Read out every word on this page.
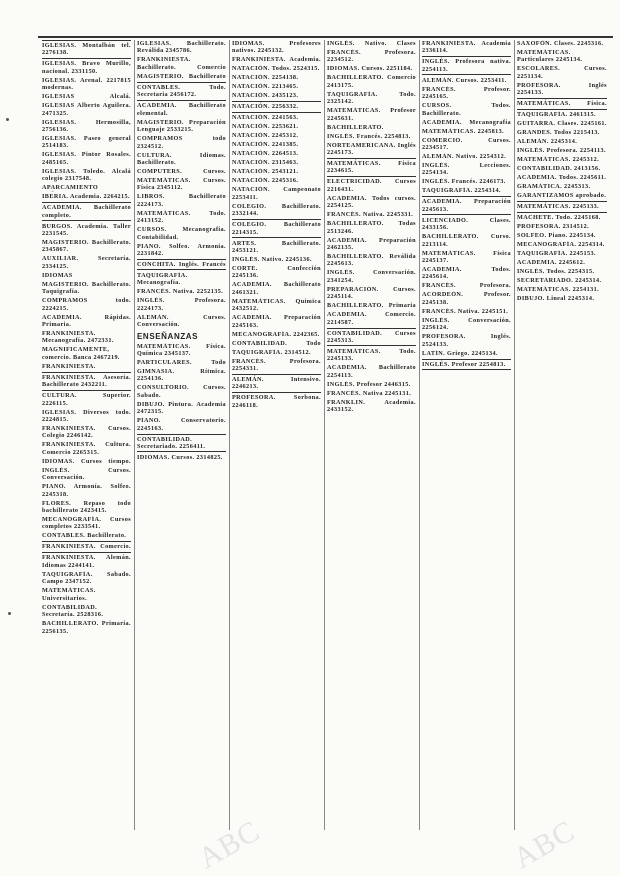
IGLESIAS. Montalbán tel. 2276138.
IGLESIAS. Bravo Murillo, nacional. 2331150.
IGLESIAS. Arenal. 2217815 modernas.
IGLESIAS Alcalá.
IGLESIAS Alberto Aguilera. 2471325.
IGLESIAS. Hermosilla, 2756136.
IGLESIAS. Paseo general 2514183.
IGLESIAS. Pintor Rosales. 2485165.
IGLESIAS. Toledo. Alcalá colegio 2317548.
APARCAMIENTO
IBERIA. Academia. 2264215.
ACADEMIA. Bachillerato completo.
BURGOS. Academia. Taller 2231545.
MAGISTERIO. Bachillerato. 2345867.
AUXILIAR. Secretaría. 2334125.
IDIOMAS
MAGISTERIO. Bachillerato. Taquigrafía.
COMPRAMOS todo. 2224215.
ACADEMIA. Rápidas. Primaria.
FRANKINIESTA. Mecanografía. 2472331.
MAGNIFICAMENTE, comercio. Banca 2467219.
FRANKINIESTA.
FRANKINIESTA. Asesoría. Bachillerato 2432211.
CULTURA. Superior. 2226115.
IGLESIAS. Diversos todo. 2224815.
FRANKINIESTA. Cursos. Colegio 2246142.
FRANKINIESTA. Cultura. Comercio 2265315.
IDIOMAS. Cursos tiempo.
INGLÉS. Cursos. Conversación.
PIANO. Armonía. Solfeo. 2245318.
FLORES. Repaso todo bachillerato 2423415.
MECANOGRAFÍA. Cursos completos 2233541.
CONTABLES. Bachillerato.
FRANKINIESTA. Comercio.
FRANKINIESTA. Alemán. Idiomas 2244141.
TAQUIGRAFÍA. Sabado. Campo 2347152.
MATEMÁTICAS. Universitarios.
CONTABILIDAD. Secretaría. 2528316.
BACHILLERATO. Primaria. 2256135.
IGLESIAS. Bachillerato. Reválida 2345786.
FRANKINIESTA. Bachillerato. Comercio
MAGISTERIO. Bachillerato
CONTABLES. Todo. Secretaria 2456172.
ACADEMIA. Bachillerato elemental.
MAGISTERIO. Preparación Lenguaje 2533215.
COMPRAMOS todo 2324512.
CULTURA. Idiomas. Bachillerato.
COMPUTERS. Cursos.
MATEMÁTICAS. Cursos. Física 2345112.
LIBROS. Bachillerato 2224173.
MATEMÁTICAS. Todo. 2413152.
CURSOS. Mecanografía. Contabilidad.
PIANO. Solfeo. Armonía. 2231842.
CONCHITA. Inglés. Francés
TAQUIGRAFÍA. Mecanografía.
FRANCÉS. Nativa. 2252135.
INGLÉS. Profesora. 2224173.
ALEMÁN. Cursos. Conversación.
ENSEÑANZAS
MATEMÁTICAS. Física. Química 2345137.
PARTICULARES. Todo
GIMNASIA. Rítmica. 2254136.
CONSULTORIO. Cursos. Sabado.
DIBUJO. Pintura. Academia 2472315.
PIANO. Conservatorio. 2245163.
CONTABILIDAD. Secretariado. 2256411.
IDIOMAS. Cursos. 2314825.
IDIOMAS. Profesores nativos. 2245132.
FRANKINIESTA. Academia.
NATACIÓN. Todos. 2524315.
NATACIÓN. 2254138.
NATACIÓN. 2213465.
NATACIÓN. 2435123.
NATACIÓN. 2256332.
NATACIÓN. 2241563.
NATACIÓN. 2253621.
NATACIÓN. 2245312.
NATACIÓN. 2241385.
NATACIÓN. 2264513.
NATACIÓN. 2315463.
NATACIÓN. 2543121.
NATACIÓN. 2245316.
NATACIÓN. Campeonato 2253411.
COLEGIO. Bachillerato. 2332144.
COLEGIO. Bachillerato 2214315.
ARTES. Bachillerato. 2453121.
INGLÉS. Nativo. 2245136.
CORTE. Confección 2245136.
ACADEMIA. Bachillerato 2461321.
MATEMÁTICAS. Química 2432512.
ACADEMIA. Preparación 2245163.
MECANOGRAFÍA. 2242365.
CONTABILIDAD. Todo
TAQUIGRAFÍA. 2314512.
FRANCÉS. Profesora. 2254331.
ALEMÁN. Intensivo. 2246213.
PROFESORA. Sorbona. 2246118.
INGLÉS. Nativo. Clases
FRANCÉS. Profesora. 2234512.
IDIOMAS. Cursos. 2251184.
BACHILLERATO. Comercio 2413175.
TAQUIGRAFÍA. Todo. 2325142.
MATEMÁTICAS. Profesor 2245631.
BACHILLERATO.
INGLÉS. Francés. 2254813.
NORTEAMERICANA. Inglés 2245173.
MATEMÁTICAS. Física 2234615.
ELECTRICIDAD. Cursos 2216431.
ACADEMIA. Todos cursos. 2254125.
FRANCÉS. Nativa. 2245331.
BACHILLERATO. Todas 2513246.
ACADEMIA. Preparación 2462135.
BACHILLERATO. Reválida 2245613.
INGLÉS. Conversación. 2341254.
PREPARACIÓN. Cursos. 2245114.
BACHILLERATO. Primaria
ACADEMIA. Comercio. 2214587.
CONTABILIDAD. Cursos 2245313.
MATEMÁTICAS. Todo. 2245133.
ACADEMIA. Bachillerato 2254113.
INGLÉS. Profesor 2446315.
FRANCÉS. Nativa 2245131.
FRANKLIN. Academia. 2433152.
FRANKINIESTA. Academia 2336114.
INGLÉS. Profesora nativa. 2254113.
ALEMÁN. Cursos. 2253411.
FRANCÉS. Profesor. 2245165.
CURSOS. Todos. Bachillerato.
ACADEMIA. Mecanografía
MATEMÁTICAS. 2245813.
COMERCIO. Cursos. 2234517.
ALEMÁN. Nativo. 2254312.
INGLÉS. Lecciones. 2254134.
INGLÉS. Francés. 2246173.
TAQUIGRAFÍA. 2254314.
ACADEMIA. Preparación 2245613.
LICENCIADO. Clases. 2433156.
BACHILLERATO. Curso. 2213114.
MATEMÁTICAS. Física 2245137.
ACADEMIA. Todos. 2245614.
FRANCÉS. Profesora.
ACORDEÓN. Profesor. 2245138.
FRANCÉS. Nativa. 2245151.
INGLÉS. Conversación. 2256124.
PROFESORA. Inglés. 2524133.
LATÍN. Griego. 2245134.
INGLÉS. Profesor 2254813.
SAXOFÓN. Clases. 2245316.
MATEMÁTICAS. Particulares 2245134.
ESCOLARES. Cursos. 2251134.
PROFESORA. Inglés 2254133.
MATEMÁTICAS. Física.
TAQUIGRAFÍA. 2461315.
GUITARRA. Clases. 2245161.
GRANDES. Todos 2215413.
ALEMÁN. 2245314.
INGLÉS. Profesora. 2254113.
MATEMÁTICAS. 2245312.
CONTABILIDAD. 2413156.
ACADEMIA. Todos. 2245611.
GRAMÁTICA. 2245313.
GARANTIZAMOS aprobado.
MATEMÁTICAS. 2245133.
MACHETE. Todo. 2245168.
PROFESORA. 2314512.
SOLFEO. Piano. 2245134.
MECANOGRAFÍA. 2254314.
TAQUIGRAFÍA. 2245153.
ACADEMIA. 2245612.
INGLÉS. Todos. 2254315.
SECRETARIADO. 2245314.
MATEMÁTICAS. 2254131.
DIBUJO. Lineal 2245314.
ABC	ABC
